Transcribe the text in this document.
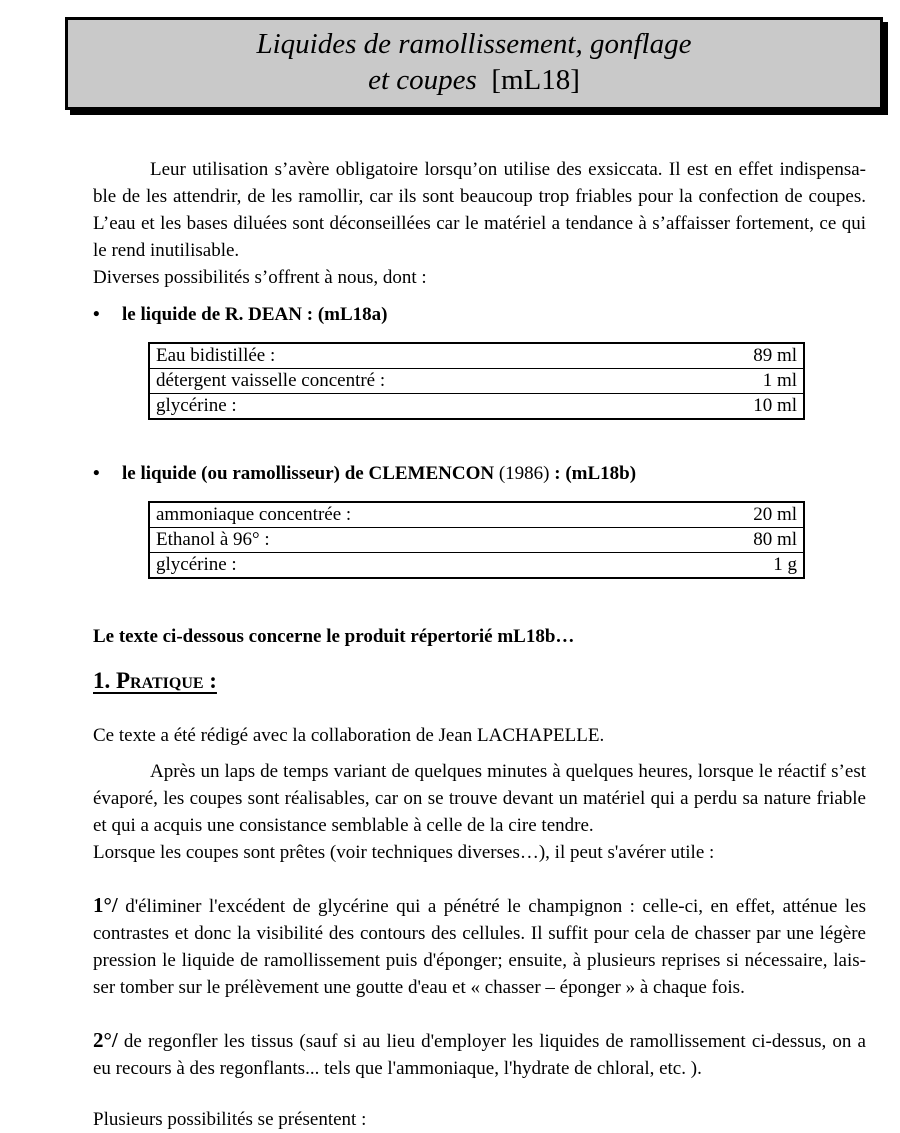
Liquides de ramollissement, gonflage
et coupes [mL18]

Leur utilisation s’avère obligatoire lorsqu’on utilise des exsiccata. Il est en effet indispensa-ble de les attendrir, de les ramollir, car ils sont beaucoup trop friables pour la confection de coupes. L’eau et les bases diluées sont déconseillées car le matériel a tendance à s’affaisser fortement, ce qui le rend inutilisable.

Diverses possibilités s’offrent à nous, dont :

•	le liquide de R. DEAN : (mL18a)
Eau bidistillée :	89 ml
détergent vaisselle concentré :	1 ml
glycérine :	10 ml
•	le liquide (ou ramollisseur) de CLEMENCON (1986) : (mL18b)
ammoniaque concentrée :	20 ml
Ethanol à 96° :	80 ml
glycérine :	1 g

Le texte ci-dessous concerne le produit répertorié mL18b…

1. Pratique :

Ce texte a été rédigé avec la collaboration de Jean LACHAPELLE.

Après un laps de temps variant de quelques minutes à quelques heures, lorsque le réactif s’est évaporé, les coupes sont réalisables, car on se trouve devant un matériel qui a perdu sa nature friable et qui a acquis une consistance semblable à celle de la cire tendre.

Lorsque les coupes sont prêtes (voir techniques diverses…), il peut s'avérer utile :

1°/ d'éliminer l'excédent de glycérine qui a pénétré le champignon : celle-ci, en effet, atténue les contrastes et donc la visibilité des contours des cellules. Il suffit pour cela de chasser par une légère pression le liquide de ramollissement puis d'éponger; ensuite, à plusieurs reprises si nécessaire, lais-ser tomber sur le prélèvement une goutte d'eau et « chasser – éponger » à chaque fois.

2°/ de regonfler les tissus (sauf si au lieu d'employer les liquides de ramollissement ci-dessus, on a eu recours à des regonflants... tels que l'ammoniaque, l'hydrate de chloral, etc. ).

Plusieurs possibilités se présentent :
